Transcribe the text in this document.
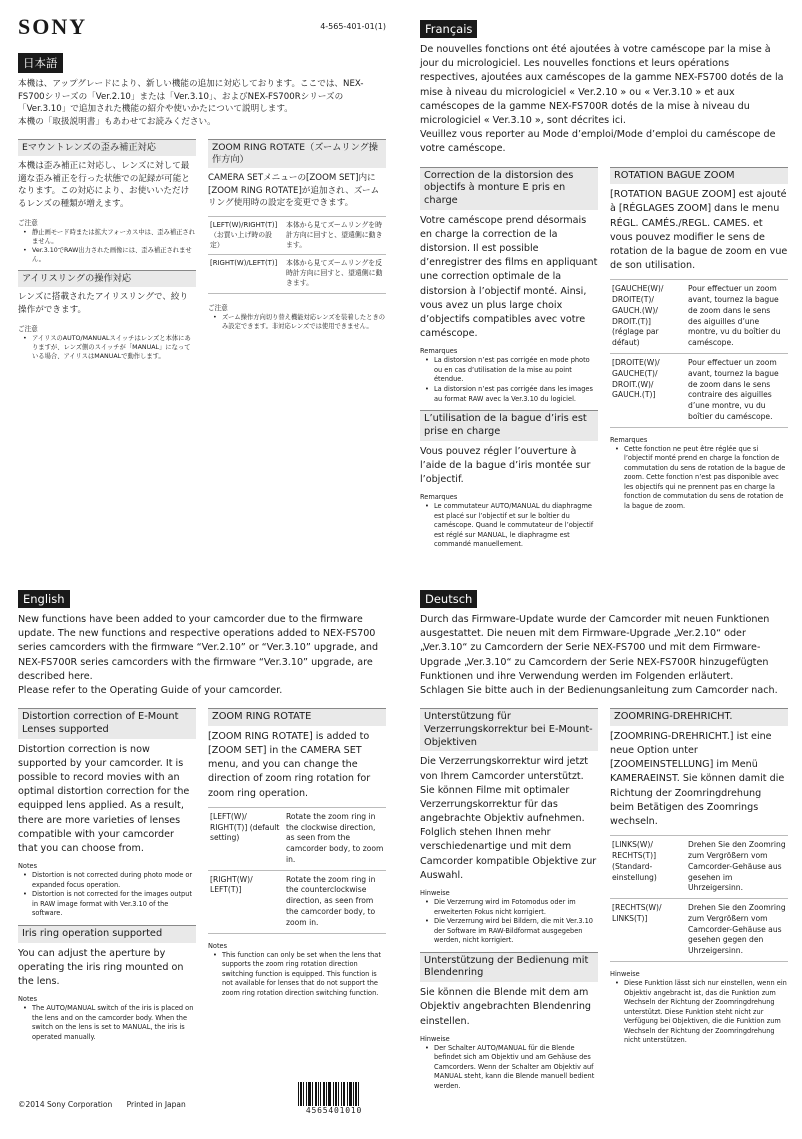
SONY	4-565-401-01(1)
日本語

本機は、アップグレードにより、新しい機能の追加に対応しております。ここでは、NEX-FS700シリーズの「Ver.2.10」または「Ver.3.10」、およびNEX-FS700Rシリーズの「Ver.3.10」で追加された機能の紹介や使いかたについて説明します。

本機の「取扱説明書」もあわせてお読みください。

Eマウントレンズの歪み補正対応

本機は歪み補正に対応し、レンズに対して最適な歪み補正を行った状態での記録が可能となります。この対応により、お使いいただけるレンズの種類が増えます。

ご注意
• 静止画モード時または拡大フォーカス中は、歪み補正されません。
• Ver.3.10でRAW出力された画像には、歪み補正されません。
アイリスリングの操作対応

レンズに搭載されたアイリスリングで、絞り操作ができます。

ご注意
• アイリスのAUTO/MANUALスイッチはレンズと本体にありますが、レンズ側のスイッチが「MANUAL」になっている場合、アイリスはMANUALで動作します。
ZOOM RING ROTATE（ズームリング操作方向）

CAMERA SETメニューの[ZOOM SET]内に[ZOOM RING ROTATE]が追加され、ズームリング使用時の設定を変更できます。

[LEFT(W)/RIGHT(T)]（お買い上げ時の設定）	本体から見てズームリングを時計方向に回すと、望遠側に動きます。
[RIGHT(W)/LEFT(T)]	本体から見てズームリングを反時計方向に回すと、望遠側に動きます。
ご注意
• ズーム操作方向切り替え機能対応レンズを装着したときのみ設定できます。非対応レンズでは使用できません。
Français

De nouvelles fonctions ont été ajoutées à votre caméscope par la mise à jour du micrologiciel. Les nouvelles fonctions et leurs opérations respectives, ajoutées aux caméscopes de la gamme NEX-FS700 dotés de la mise à niveau du micrologiciel « Ver.2.10 » ou « Ver.3.10 » et aux caméscopes de la gamme NEX-FS700R dotés de la mise à niveau du micrologiciel « Ver.3.10 », sont décrites ici.

Veuillez vous reporter au Mode d’emploi/Mode d’emploi du caméscope de votre caméscope.

Correction de la distorsion des objectifs à monture E pris en charge

Votre caméscope prend désormais en charge la correction de la distorsion. Il est possible d’enregistrer des films en appliquant une correction optimale de la distorsion à l’objectif monté. Ainsi, vous avez un plus large choix d’objectifs compatibles avec votre caméscope.

Remarques
• La distorsion n’est pas corrigée en mode photo ou en cas d’utilisation de la mise au point étendue.
• La distorsion n’est pas corrigée dans les images au format RAW avec la Ver.3.10 du logiciel.
L’utilisation de la bague d’iris est prise en charge

Vous pouvez régler l’ouverture à l’aide de la bague d’iris montée sur l’objectif.

Remarques
• Le commutateur AUTO/MANUAL du diaphragme est placé sur l’objectif et sur le boîtier du caméscope. Quand le commutateur de l’objectif est réglé sur MANUAL, le diaphragme est commandé manuellement.
ROTATION BAGUE ZOOM

[ROTATION BAGUE ZOOM] est ajouté à [RÉGLAGES ZOOM] dans le menu RÉGL. CAMÉS./REGL. CAMES. et vous pouvez modifier le sens de rotation de la bague de zoom en vue de son utilisation.

[GAUCHE(W)/ DROITE(T)/ GAUCH.(W)/ DROIT.(T)] (réglage par défaut)	Pour effectuer un zoom avant, tournez la bague de zoom dans le sens des aiguilles d’une montre, vu du boîtier du caméscope.
[DROITE(W)/ GAUCHE(T)/ DROIT.(W)/ GAUCH.(T)]	Pour effectuer un zoom avant, tournez la bague de zoom dans le sens contraire des aiguilles d’une montre, vu du boîtier du caméscope.
Remarques
• Cette fonction ne peut être réglée que si l’objectif monté prend en charge la fonction de commutation du sens de rotation de la bague de zoom. Cette fonction n’est pas disponible avec les objectifs qui ne prennent pas en charge la fonction de commutation du sens de rotation de la bague de zoom.
English

New functions have been added to your camcorder due to the firmware update. The new functions and respective operations added to NEX-FS700 series camcorders with the firmware “Ver.2.10” or “Ver.3.10” upgrade, and NEX-FS700R series camcorders with the firmware “Ver.3.10” upgrade, are described here.

Please refer to the Operating Guide of your camcorder.

Distortion correction of E-Mount Lenses supported

Distortion correction is now supported by your camcorder. It is possible to record movies with an optimal distortion correction for the equipped lens applied. As a result, there are more varieties of lenses compatible with your camcorder that you can choose from.

Notes
• Distortion is not corrected during photo mode or expanded focus operation.
• Distortion is not corrected for the images output in RAW image format with Ver.3.10 of the software.
Iris ring operation supported

You can adjust the aperture by operating the iris ring mounted on the lens.

Notes
• The AUTO/MANUAL switch of the iris is placed on the lens and on the camcorder body. When the switch on the lens is set to MANUAL, the iris is operated manually.
ZOOM RING ROTATE

[ZOOM RING ROTATE] is added to [ZOOM SET] in the CAMERA SET menu, and you can change the direction of zoom ring rotation for zoom ring operation.

[LEFT(W)/ RIGHT(T)] (default setting)	Rotate the zoom ring in the clockwise direction, as seen from the camcorder body, to zoom in.
[RIGHT(W)/ LEFT(T)]	Rotate the zoom ring in the counterclockwise direction, as seen from the camcorder body, to zoom in.
Notes
• This function can only be set when the lens that supports the zoom ring rotation direction switching function is equipped. This function is not available for lenses that do not support the zoom ring rotation direction switching function.
Deutsch

Durch das Firmware-Update wurde der Camcorder mit neuen Funktionen ausgestattet. Die neuen mit dem Firmware-Upgrade „Ver.2.10“ oder „Ver.3.10“ zu Camcordern der Serie NEX-FS700 und mit dem Firmware-Upgrade „Ver.3.10“ zu Camcordern der Serie NEX-FS700R hinzugefügten Funktionen und ihre Verwendung werden im Folgenden erläutert.

Schlagen Sie bitte auch in der Bedienungsanleitung zum Camcorder nach.

Unterstützung für Verzerrungskorrektur bei E-Mount-Objektiven

Die Verzerrungskorrektur wird jetzt von Ihrem Camcorder unterstützt. Sie können Filme mit optimaler Verzerrungskorrektur für das angebrachte Objektiv aufnehmen. Folglich stehen Ihnen mehr verschiedenartige und mit dem Camcorder kompatible Objektive zur Auswahl.

Hinweise
• Die Verzerrung wird im Fotomodus oder im erweiterten Fokus nicht korrigiert.
• Die Verzerrung wird bei Bildern, die mit Ver.3.10 der Software im RAW-Bildformat ausgegeben werden, nicht korrigiert.
Unterstützung der Bedienung mit Blendenring

Sie können die Blende mit dem am Objektiv angebrachten Blendenring einstellen.

Hinweise
• Der Schalter AUTO/MANUAL für die Blende befindet sich am Objektiv und am Gehäuse des Camcorders. Wenn der Schalter am Objektiv auf MANUAL steht, kann die Blende manuell bedient werden.
ZOOMRING-DREHRICHT.

[ZOOMRING-DREHRICHT.] ist eine neue Option unter [ZOOMEINSTELLUNG] im Menü KAMERAEINST. Sie können damit die Richtung der Zoomringdrehung beim Betätigen des Zoomrings wechseln.

[LINKS(W)/ RECHTS(T)] (Standard-einstellung)	Drehen Sie den Zoomring zum Vergrößern vom Camcorder-Gehäuse aus gesehen im Uhrzeigersinn.
[RECHTS(W)/ LINKS(T)]	Drehen Sie den Zoomring zum Vergrößern vom Camcorder-Gehäuse aus gesehen gegen den Uhrzeigersinn.
Hinweise
• Diese Funktion lässt sich nur einstellen, wenn ein Objektiv angebracht ist, das die Funktion zum Wechseln der Richtung der Zoomringdrehung unterstützt. Diese Funktion steht nicht zur Verfügung bei Objektiven, die die Funktion zum Wechseln der Richtung der Zoomringdrehung nicht unterstützen.
©2014 Sony Corporation Printed in Japan
4565401010
